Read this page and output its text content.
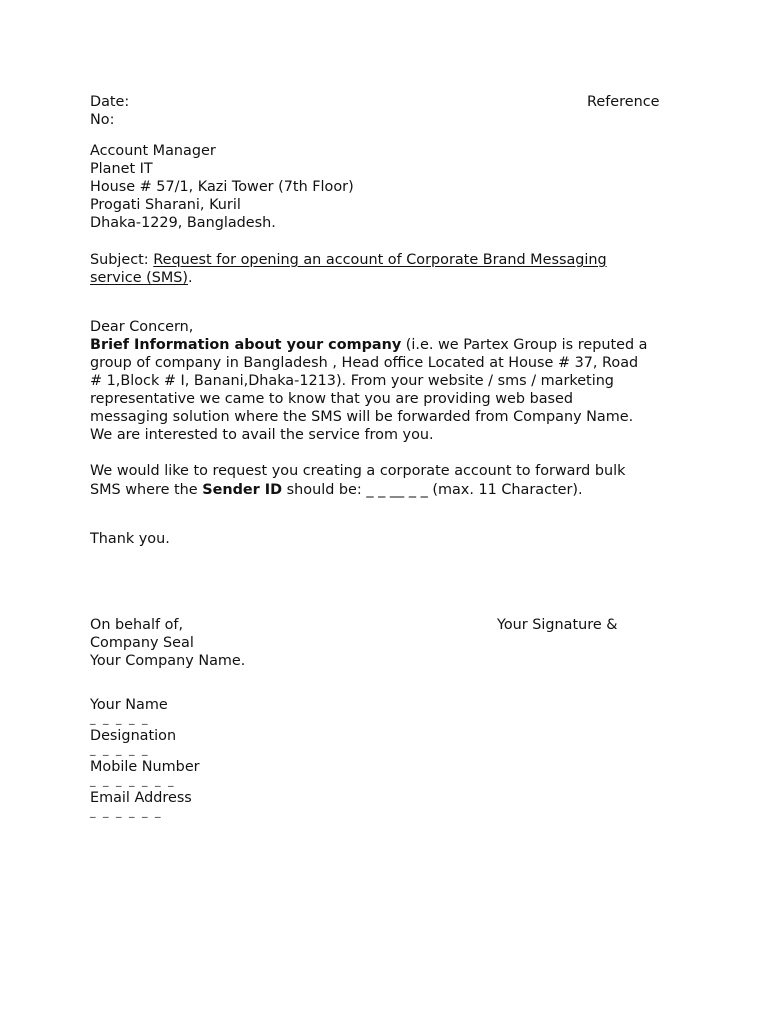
Date:	Reference
No:
Account Manager
Planet IT
House # 57/1, Kazi Tower (7th Floor)
Progati Sharani, Kuril
Dhaka-1229, Bangladesh.
Subject: Request for opening an account of Corporate Brand Messaging
service (SMS).
Dear Concern,
Brief Information about your company (i.e. we Partex Group is reputed a
group of company in Bangladesh , Head office Located at House # 37, Road
# 1,Block # I, Banani,Dhaka-1213). From your website / sms / marketing
representative we came to know that you are providing web based
messaging solution where the SMS will be forwarded from Company Name.
We are interested to avail the service from you.
We would like to request you creating a corporate account to forward bulk
SMS where the Sender ID should be: _ _ __ _ _ (max. 11 Character).
Thank you.
On behalf of,	Your Signature &
Company Seal
Your Company Name.
Your Name
_ _ _ _ _
Designation
_ _ _ _ _
Mobile Number
_ _ _ _ _ _ _
Email Address
_ _ _ _ _ _
